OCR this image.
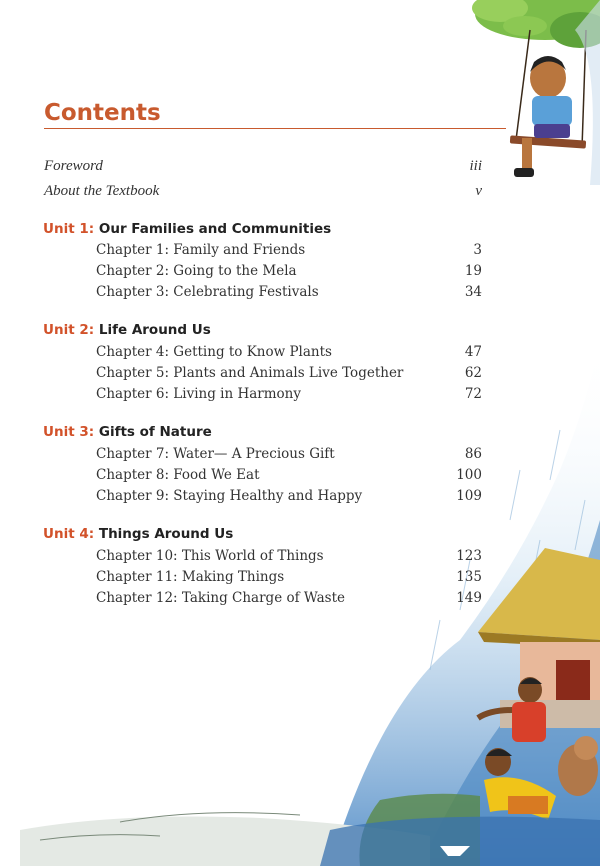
Contents
Foreword	iii
About the Textbook	v
Unit 1: Our Families and Communities
Chapter 1: Family and Friends	3
Chapter 2: Going to the Mela	19
Chapter 3: Celebrating Festivals	34
Unit 2: Life Around Us
Chapter 4: Getting to Know Plants	47
Chapter 5: Plants and Animals Live Together	62
Chapter 6: Living in Harmony	72
Unit 3: Gifts of Nature
Chapter 7: Water— A Precious Gift	86
Chapter 8: Food We Eat	100
Chapter 9: Staying Healthy and Happy	109
Unit 4: Things Around Us
Chapter 10: This World of Things	123
Chapter 11: Making Things	135
Chapter 12: Taking Charge of Waste	149
